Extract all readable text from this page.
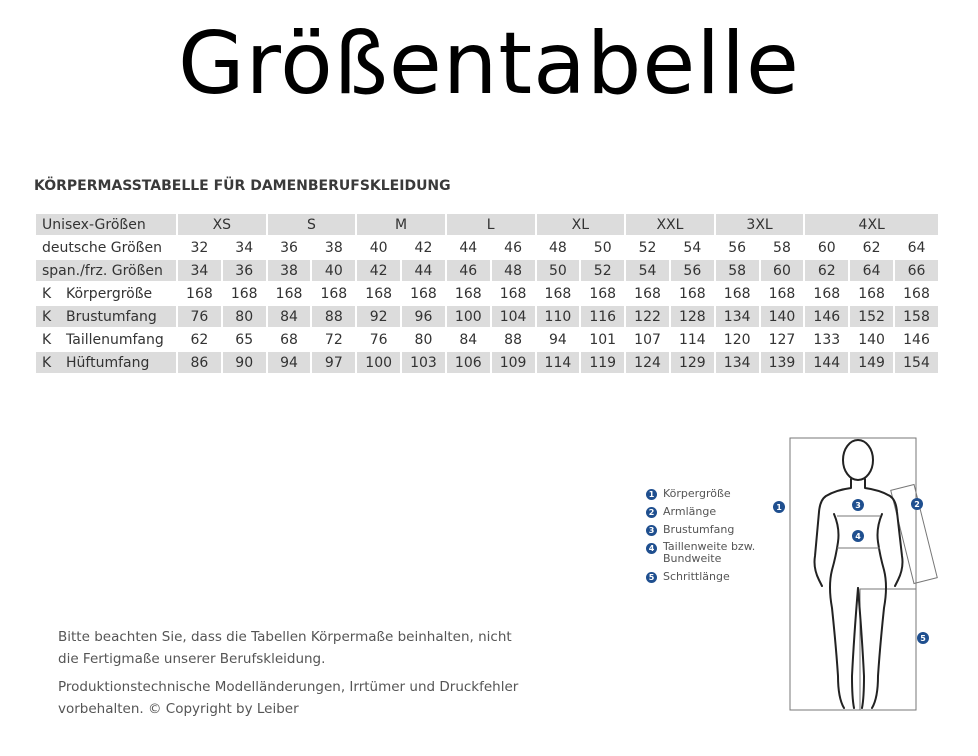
Größentabelle
KÖRPERMASSTABELLE FÜR DAMENBERUFSKLEIDUNG
Unisex-Größen	XS		S		M		L		XL		XXL		3XL		4XL		
deutsche Größen	32	34	36	38	40	42	44	46	48	50	52	54	56	58	60	62	64
span./frz. Größen	34	36	38	40	42	44	46	48	50	52	54	56	58	60	62	64	66
K Körpergröße	168	168	168	168	168	168	168	168	168	168	168	168	168	168	168	168	168
K Brustumfang	76	80	84	88	92	96	100	104	110	116	122	128	134	140	146	152	158
K Taillenumfang	62	65	68	72	76	80	84	88	94	101	107	114	120	127	133	140	146
K Hüftumfang	86	90	94	97	100	103	106	109	114	119	124	129	134	139	144	149	154
1 Körpergröße
2 Armlänge
3 Brustumfang
4 Taillenweite bzw. Bundweite
5 Schrittlänge
1	2
3
4
5

Bitte beachten Sie, dass die Tabellen Körpermaße beinhalten, nicht die Fertigmaße unserer Berufskleidung.

Produktionstechnische Modelländerungen, Irrtümer und Druckfehler vorbehalten. © Copyright by Leiber
